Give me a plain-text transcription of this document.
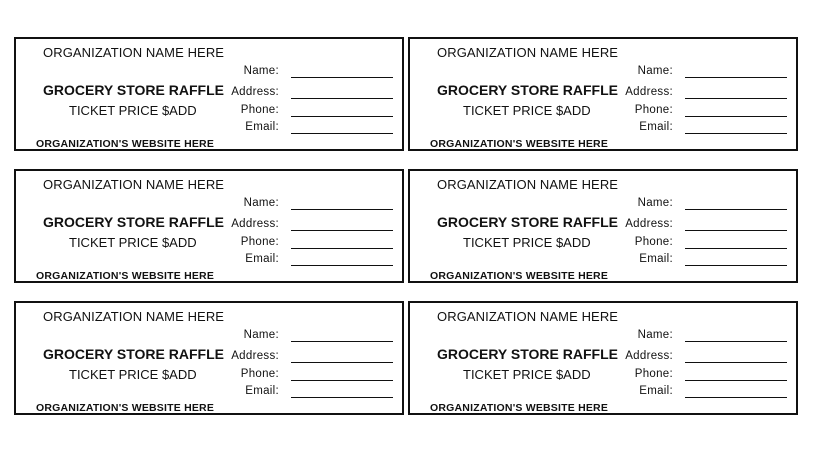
ORGANIZATION NAME HERE
GROCERY STORE RAFFLE
TICKET PRICE $ADD
ORGANIZATION'S WEBSITE HERE
Name:
Address:
Phone:
Email:
ORGANIZATION NAME HERE
GROCERY STORE RAFFLE
TICKET PRICE $ADD
ORGANIZATION'S WEBSITE HERE
Name:
Address:
Phone:
Email:
ORGANIZATION NAME HERE
GROCERY STORE RAFFLE
TICKET PRICE $ADD
ORGANIZATION'S WEBSITE HERE
Name:
Address:
Phone:
Email:
ORGANIZATION NAME HERE
GROCERY STORE RAFFLE
TICKET PRICE $ADD
ORGANIZATION'S WEBSITE HERE
Name:
Address:
Phone:
Email:
ORGANIZATION NAME HERE
GROCERY STORE RAFFLE
TICKET PRICE $ADD
ORGANIZATION'S WEBSITE HERE
Name:
Address:
Phone:
Email:
ORGANIZATION NAME HERE
GROCERY STORE RAFFLE
TICKET PRICE $ADD
ORGANIZATION'S WEBSITE HERE
Name:
Address:
Phone:
Email:
